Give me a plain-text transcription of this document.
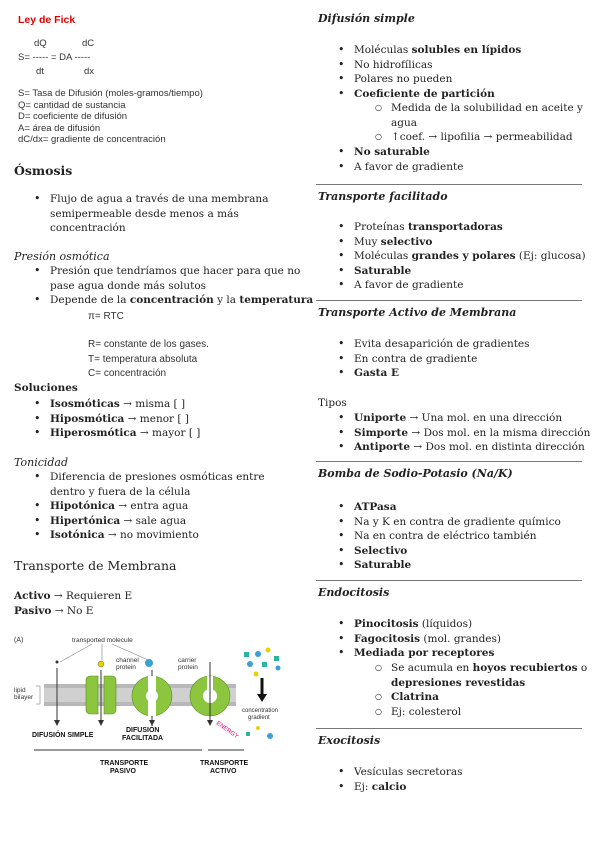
Ley de Fick
dQ	dC
S= ----- = DA -----
dt	dx
S= Tasa de Difusión (moles-gramos/tiempo)
Q= cantidad de sustancia
D= coeficiente de difusión
A= área de difusión
dC/dx= gradiente de concentración
Ósmosis
• Flujo de agua a través de una membrana
semipermeable desde menos a más
concentración
Presión osmótica
• Presión que tendríamos que hacer para que no
pase agua donde más solutos
• Depende de la concentración y la temperatura
π= RTC
R= constante de los gases.
T= temperatura absoluta
C= concentración
Soluciones
• Isosmóticas → misma [ ]
• Hiposmótica → menor [ ]
• Hiperosmótica → mayor [ ]
Tonicidad
• Diferencia de presiones osmóticas entre
dentro y fuera de la célula
• Hipotónica → entra agua
• Hipertónica → sale agua
• Isotónica → no movimiento
Transporte de Membrana
Activo → Requieren E
Pasivo → No E
(A)	transported molecule
channel
protein
carrier
protein
lipid
bilayer
ENERGY
concentration
gradient
DIFUSIÓN SIMPLE
DIFUSIÓN
FACILITADA
TRANSPORTE
PASIVO
TRANSPORTE
ACTIVO
Difusión simple
• Moléculas solubles en lípidos
• No hidrofílicas
• Polares no pueden
• Coeficiente de partición
○ Medida de la solubilidad en aceite y
agua
○ ↑coef. → lipofilia → permeabilidad
• No saturable
• A favor de gradiente
Transporte facilitado
• Proteínas transportadoras
• Muy selectivo
• Moléculas grandes y polares (Ej: glucosa)
• Saturable
• A favor de gradiente
Transporte Activo de Membrana
• Evita desaparición de gradientes
• En contra de gradiente
• Gasta E
Tipos
• Uniporte → Una mol. en una dirección
• Simporte → Dos mol. en la misma dirección
• Antiporte → Dos mol. en distinta dirección
Bomba de Sodio-Potasio (Na/K)
• ATPasa
• Na y K en contra de gradiente químico
• Na en contra de eléctrico también
• Selectivo
• Saturable
Endocitosis
• Pinocitosis (líquidos)
• Fagocitosis (mol. grandes)
• Mediada por receptores
○ Se acumula en hoyos recubiertos o
depresiones revestidas
○ Clatrina
○ Ej: colesterol
Exocitosis
• Vesículas secretoras
• Ej: calcio
